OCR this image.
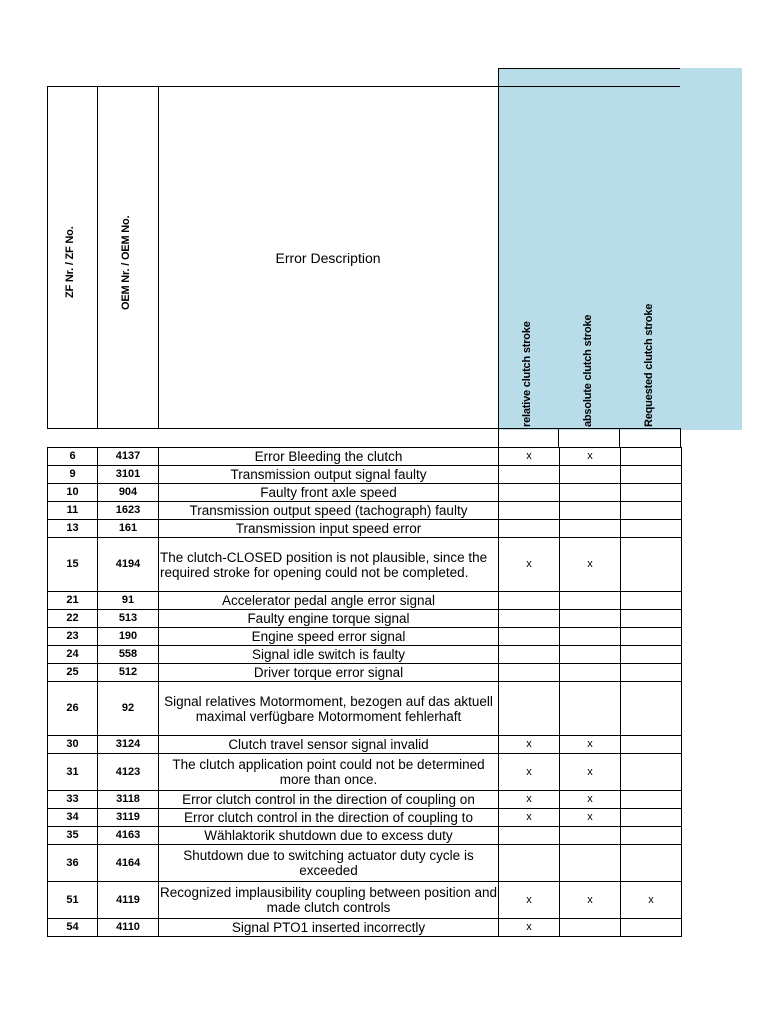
ZF Nr. / ZF No.	OEM Nr. / OEM No.	Error Description
relative clutch stroke	absolute clutch stroke	Requested clutch stroke
6	4137	Error Bleeding the clutch	x	x	
9	3101	Transmission output signal faulty			
10	904	Faulty front axle speed			
11	1623	Transmission output speed (tachograph) faulty			
13	161	Transmission input speed error			
15	4194	The clutch-CLOSED position is not plausible, since the required stroke for opening could not be completed.	x	x	
21	91	Accelerator pedal angle error signal			
22	513	Faulty engine torque signal			
23	190	Engine speed error signal			
24	558	Signal idle switch is faulty			
25	512	Driver torque error signal			
26	92	Signal relatives Motormoment, bezogen auf das aktuell maximal verfügbare Motormoment fehlerhaft			
30	3124	Clutch travel sensor signal invalid	x	x	
31	4123	The clutch application point could not be determined more than once.	x	x	
33	3118	Error clutch control in the direction of coupling on	x	x	
34	3119	Error clutch control in the direction of coupling to	x	x	
35	4163	Wählaktorik shutdown due to excess duty			
36	4164	Shutdown due to switching actuator duty cycle is exceeded			
51	4119	Recognized implausibility coupling between position and made clutch controls	x	x	x
54	4110	Signal PTO1 inserted incorrectly	x		
